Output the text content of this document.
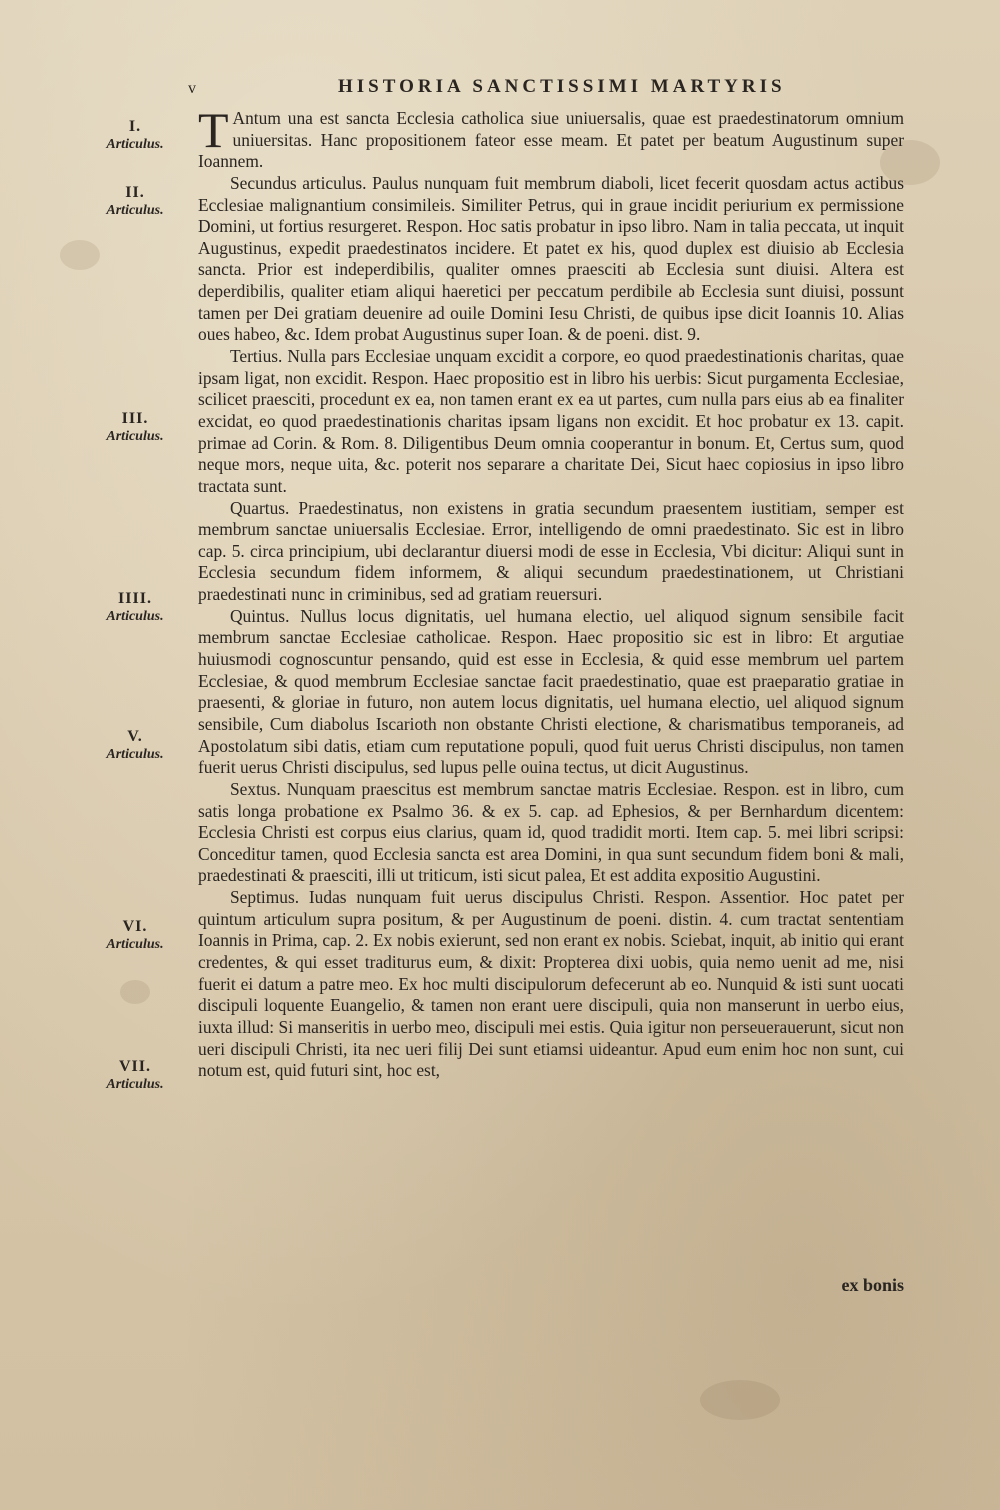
v	HISTORIA SANCTISSIMI MARTYRIS
I.
Articulus.
II.
Articulus.
III.
Articulus.
IIII.
Articulus.
V.
Articulus.
VI.
Articulus.
VII.
Articulus.

T Antum una est sancta Ecclesia catholica siue uniuersalis, quae est praedestinatorum omnium uniuersitas. Hanc propositionem fateor esse meam. Et patet per beatum Augustinum super Ioannem.

Secundus articulus. Paulus nunquam fuit membrum diaboli, licet fecerit quosdam actus actibus Ecclesiae malignantium consimileis. Similiter Petrus, qui in graue incidit periurium ex permissione Domini, ut fortius resurgeret. Respon. Hoc satis probatur in ipso libro. Nam in talia peccata, ut inquit Augustinus, expedit praedestinatos incidere. Et patet ex his, quod duplex est diuisio ab Ecclesia sancta. Prior est indeperdibilis, qualiter omnes praesciti ab Ecclesia sunt diuisi. Altera est deperdibilis, qualiter etiam aliqui haeretici per peccatum perdibile ab Ecclesia sunt diuisi, possunt tamen per Dei gratiam deuenire ad ouile Domini Iesu Christi, de quibus ipse dicit Ioannis 10. Alias oues habeo, &c. Idem probat Augustinus super Ioan. & de poeni. dist. 9.

Tertius. Nulla pars Ecclesiae unquam excidit a corpore, eo quod praedestinationis charitas, quae ipsam ligat, non excidit. Respon. Haec propositio est in libro his uerbis: Sicut purgamenta Ecclesiae, scilicet praesciti, procedunt ex ea, non tamen erant ex ea ut partes, cum nulla pars eius ab ea finaliter excidat, eo quod praedestinationis charitas ipsam ligans non excidit. Et hoc probatur ex 13. capit. primae ad Corin. & Rom. 8. Diligentibus Deum omnia cooperantur in bonum. Et, Certus sum, quod neque mors, neque uita, &c. poterit nos separare a charitate Dei, Sicut haec copiosius in ipso libro tractata sunt.

Quartus. Praedestinatus, non existens in gratia secundum praesentem iustitiam, semper est membrum sanctae uniuersalis Ecclesiae. Error, intelligendo de omni praedestinato. Sic est in libro cap. 5. circa principium, ubi declarantur diuersi modi de esse in Ecclesia, Vbi dicitur: Aliqui sunt in Ecclesia secundum fidem informem, & aliqui secundum praedestinationem, ut Christiani praedestinati nunc in criminibus, sed ad gratiam reuersuri.

Quintus. Nullus locus dignitatis, uel humana electio, uel aliquod signum sensibile facit membrum sanctae Ecclesiae catholicae. Respon. Haec propositio sic est in libro: Et argutiae huiusmodi cognoscuntur pensando, quid est esse in Ecclesia, & quid esse membrum uel partem Ecclesiae, & quod membrum Ecclesiae sanctae facit praedestinatio, quae est praeparatio gratiae in praesenti, & gloriae in futuro, non autem locus dignitatis, uel humana electio, uel aliquod signum sensibile, Cum diabolus Iscarioth non obstante Christi electione, & charismatibus temporaneis, ad Apostolatum sibi datis, etiam cum reputatione populi, quod fuit uerus Christi discipulus, non tamen fuerit uerus Christi discipulus, sed lupus pelle ouina tectus, ut dicit Augustinus.

Sextus. Nunquam praescitus est membrum sanctae matris Ecclesiae. Respon. est in libro, cum satis longa probatione ex Psalmo 36. & ex 5. cap. ad Ephesios, & per Bernhardum dicentem: Ecclesia Christi est corpus eius clarius, quam id, quod tradidit morti. Item cap. 5. mei libri scripsi: Conceditur tamen, quod Ecclesia sancta est area Domini, in qua sunt secundum fidem boni & mali, praedestinati & praesciti, illi ut triticum, isti sicut palea, Et est addita expositio Augustini.

Septimus. Iudas nunquam fuit uerus discipulus Christi. Respon. Assentior. Hoc patet per quintum articulum supra positum, & per Augustinum de poeni. distin. 4. cum tractat sententiam Ioannis in Prima, cap. 2. Ex nobis exierunt, sed non erant ex nobis. Sciebat, inquit, ab initio qui erant credentes, & qui esset traditurus eum, & dixit: Propterea dixi uobis, quia nemo uenit ad me, nisi fuerit ei datum a patre meo. Ex hoc multi discipulorum defecerunt ab eo. Nunquid & isti sunt uocati discipuli loquente Euangelio, & tamen non erant uere discipuli, quia non manserunt in uerbo eius, iuxta illud: Si manseritis in uerbo meo, discipuli mei estis. Quia igitur non perseuerauerunt, sicut non ueri discipuli Christi, ita nec ueri filij Dei sunt etiamsi uideantur. Apud eum enim hoc non sunt, cui notum est, quid futuri sint, hoc est,

ex bonis
